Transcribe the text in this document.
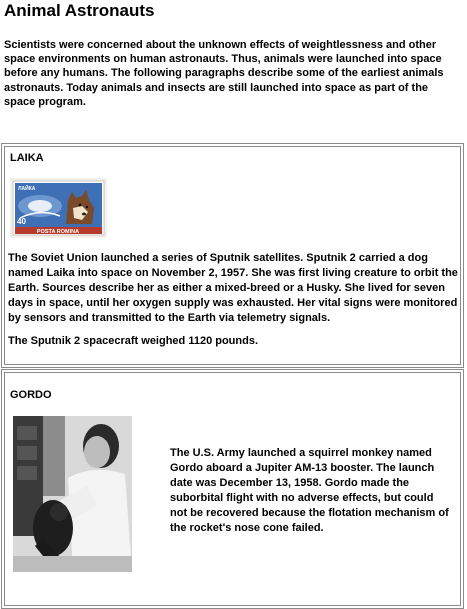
Animal Astronauts

Scientists were concerned about the unknown effects of weightlessness and other space environments on human astronauts. Thus, animals were launched into space before any humans. The following paragraphs describe some of the earliest animals astronauts. Today animals and insects are still launched into space as part of the space program.

LAIKA

POSTA ROMINA
ЛАЙКА
40

The Soviet Union launched a series of Sputnik satellites. Sputnik 2 carried a dog named Laika into space on November 2, 1957. She was first living creature to orbit the Earth. Sources describe her as either a mixed-breed or a Husky. She lived for seven days in space, until her oxygen supply was exhausted. Her vital signs were monitored by sensors and transmitted to the Earth via telemetry signals.

The Sputnik 2 spacecraft weighed 1120 pounds.

GORDO

The U.S. Army launched a squirrel monkey named Gordo aboard a Jupiter AM-13 booster. The launch date was December 13, 1958. Gordo made the suborbital flight with no adverse effects, but could not be recovered because the flotation mechanism of the rocket's nose cone failed.
